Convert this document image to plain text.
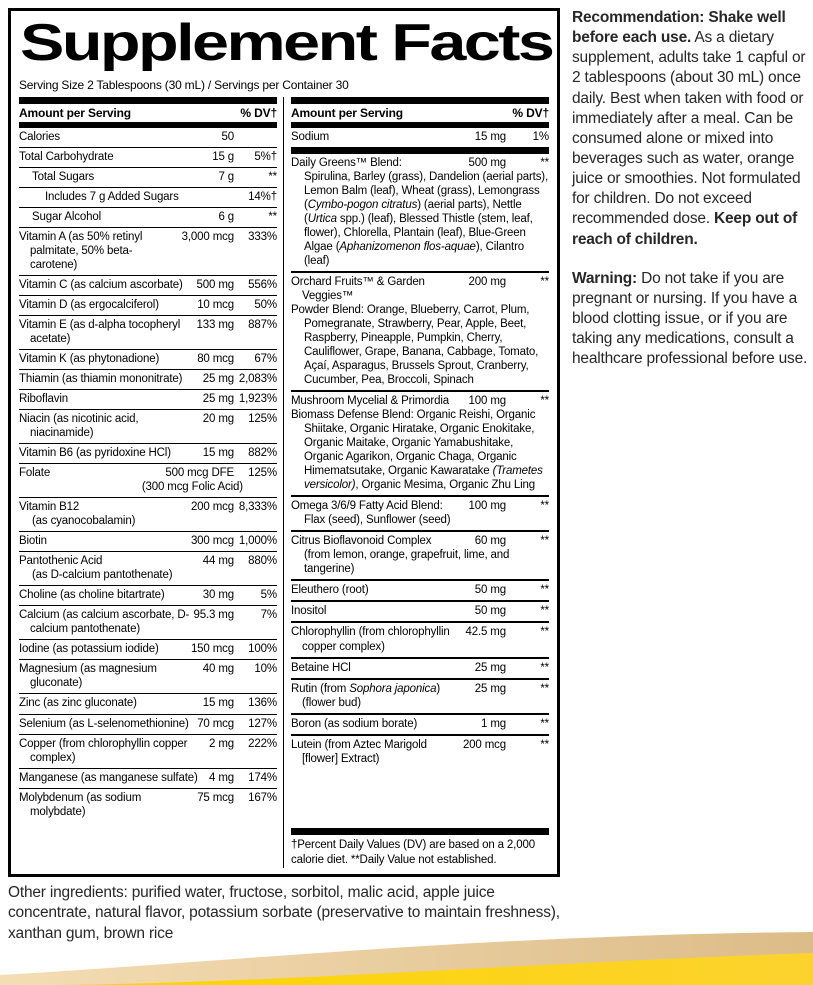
Supplement Facts
Serving Size 2 Tablespoons (30 mL) / Servings per Container 30
Amount per Serving	% DV†
Calories	50
Total Carbohydrate	15 g	5%†
Total Sugars	7 g	**
Includes 7 g Added Sugars	14%†
Sugar Alcohol	6 g	**
Vitamin A (as 50% retinyl palmitate, 50% beta-carotene)
3,000 mcg	333%
Vitamin C (as calcium ascorbate)	500 mg	556%
Vitamin D (as ergocalciferol)	10 mcg	50%
Vitamin E (as d-alpha tocopheryl acetate)
133 mg	887%
Vitamin K (as phytonadione)	80 mcg	67%
Thiamin (as thiamin mononitrate)	25 mg 2,083%
Riboflavin	25 mg 1,923%
Niacin (as nicotinic acid, niacinamide)
20 mg	125%
Vitamin B6 (as pyridoxine HCl)	15 mg	882%
Folate	500 mcg DFE	125%
(300 mcg Folic Acid)
Vitamin B12	200 mcg 8,333%
(as cyanocobalamin)
Biotin	300 mcg 1,000%
Pantothenic Acid	44 mg	880%
(as D-calcium pantothenate)
Choline (as choline bitartrate)	30 mg	5%
Calcium (as calcium ascorbate, D-calcium pantothenate)
95.3 mg	7%
Iodine (as potassium iodide)	150 mcg	100%
Magnesium (as magnesium gluconate)
40 mg	10%
Zinc (as zinc gluconate)	15 mg	136%
Selenium (as L-selenomethionine) 70 mcg	127%
Copper (from chlorophyllin copper complex)
2 mg	222%
Manganese (as manganese sulfate) 4 mg	174%
Molybdenum (as sodium molybdate)
75 mcg	167%
Amount per Serving	% DV†
Sodium	15 mg	1%
Daily Greens™ Blend:	500 mg	**
Spirulina, Barley (grass), Dandelion (aerial parts), Lemon Balm (leaf), Wheat (grass), Lemongrass (Cymbo-pogon citratus) (aerial parts), Nettle (Urtica spp.) (leaf), Blessed Thistle (stem, leaf, flower), Chlorella, Plantain (leaf), Blue-Green Algae (Aphanizomenon flos-aquae), Cilantro (leaf)
Orchard Fruits™ & Garden Veggies™
200 mg	**
Powder Blend: Orange, Blueberry, Carrot, Plum, Pomegranate, Strawberry, Pear, Apple, Beet, Raspberry, Pineapple, Pumpkin, Cherry, Cauliflower, Grape, Banana, Cabbage, Tomato, Açaí, Asparagus, Brussels Sprout, Cranberry, Cucumber, Pea, Broccoli, Spinach
Mushroom Mycelial & Primordia	100 mg	**
Biomass Defense Blend: Organic Reishi, Organic Shiitake, Organic Hiratake, Organic Enokitake, Organic Maitake, Organic Yamabushitake, Organic Agarikon, Organic Chaga, Organic Himematsutake, Organic Kawaratake (Trametes versicolor), Organic Mesima, Organic Zhu Ling
Omega 3/6/9 Fatty Acid Blend:	100 mg	**
Flax (seed), Sunflower (seed)
Citrus Bioflavonoid Complex	60 mg	**
(from lemon, orange, grapefruit, lime, and tangerine)
Eleuthero (root)	50 mg	**
Inositol	50 mg	**
Chlorophyllin (from chlorophyllin copper complex)
42.5 mg	**
Betaine HCl	25 mg	**
Rutin (from Sophora japonica) (flower bud)
25 mg	**
Boron (as sodium borate)	1 mg	**
Lutein (from Aztec Marigold [flower] Extract)
200 mcg	**
†Percent Daily Values (DV) are based on a 2,000 calorie diet. **Daily Value not established.

Recommendation: Shake well before each use. As a dietary supplement, adults take 1 capful or 2 tablespoons (about 30 mL) once daily. Best when taken with food or immediately after a meal. Can be consumed alone or mixed into beverages such as water, orange juice or smoothies. Not formulated for children. Do not exceed recommended dose. Keep out of reach of children.

Warning: Do not take if you are pregnant or nursing. If you have a blood clotting issue, or if you are taking any medications, consult a healthcare professional before use.

Other ingredients: purified water, fructose, sorbitol, malic acid, apple juice concentrate, natural flavor, potassium sorbate (preservative to maintain freshness), xanthan gum, brown rice
